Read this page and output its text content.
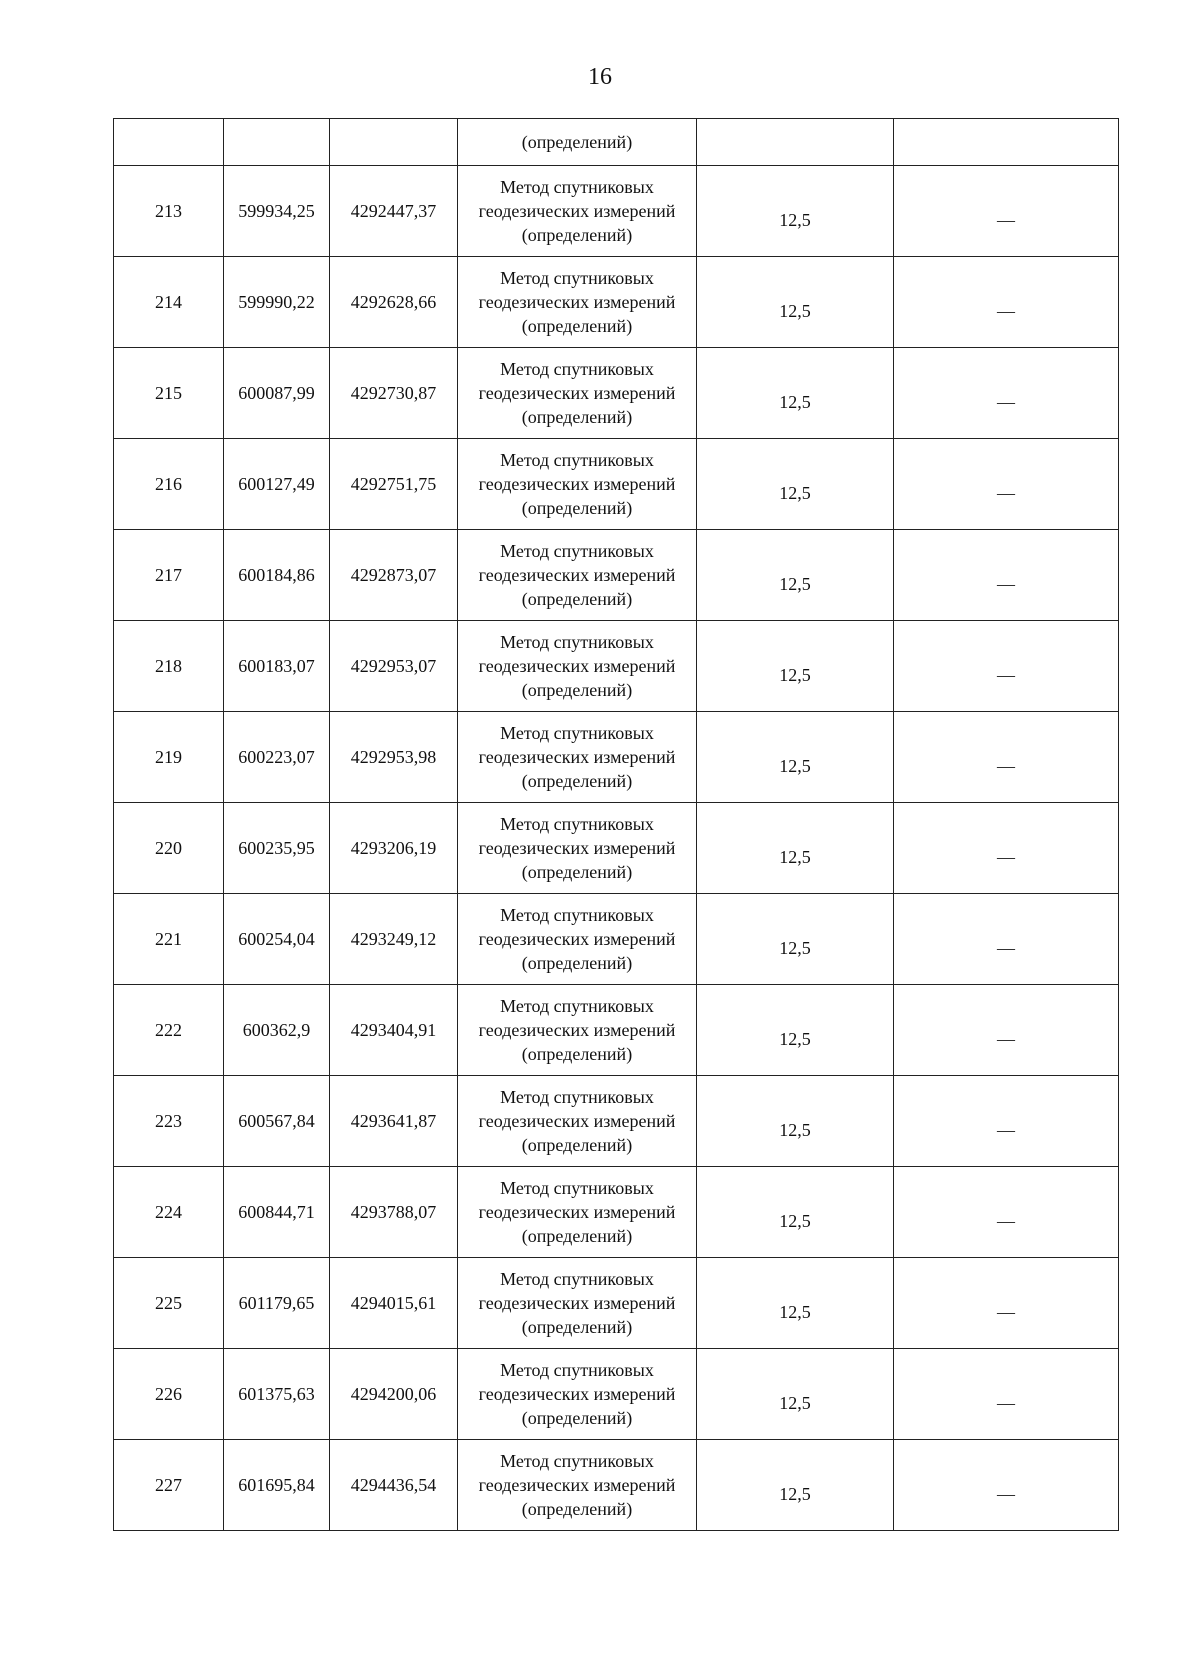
16
			(определений)		
213	599934,25	4292447,37	Метод спутниковых
геодезических измерений
(определений)	12,5	—
214	599990,22	4292628,66	Метод спутниковых
геодезических измерений
(определений)	12,5	—
215	600087,99	4292730,87	Метод спутниковых
геодезических измерений
(определений)	12,5	—
216	600127,49	4292751,75	Метод спутниковых
геодезических измерений
(определений)	12,5	—
217	600184,86	4292873,07	Метод спутниковых
геодезических измерений
(определений)	12,5	—
218	600183,07	4292953,07	Метод спутниковых
геодезических измерений
(определений)	12,5	—
219	600223,07	4292953,98	Метод спутниковых
геодезических измерений
(определений)	12,5	—
220	600235,95	4293206,19	Метод спутниковых
геодезических измерений
(определений)	12,5	—
221	600254,04	4293249,12	Метод спутниковых
геодезических измерений
(определений)	12,5	—
222	600362,9	4293404,91	Метод спутниковых
геодезических измерений
(определений)	12,5	—
223	600567,84	4293641,87	Метод спутниковых
геодезических измерений
(определений)	12,5	—
224	600844,71	4293788,07	Метод спутниковых
геодезических измерений
(определений)	12,5	—
225	601179,65	4294015,61	Метод спутниковых
геодезических измерений
(определений)	12,5	—
226	601375,63	4294200,06	Метод спутниковых
геодезических измерений
(определений)	12,5	—
227	601695,84	4294436,54	Метод спутниковых
геодезических измерений
(определений)	12,5	—
